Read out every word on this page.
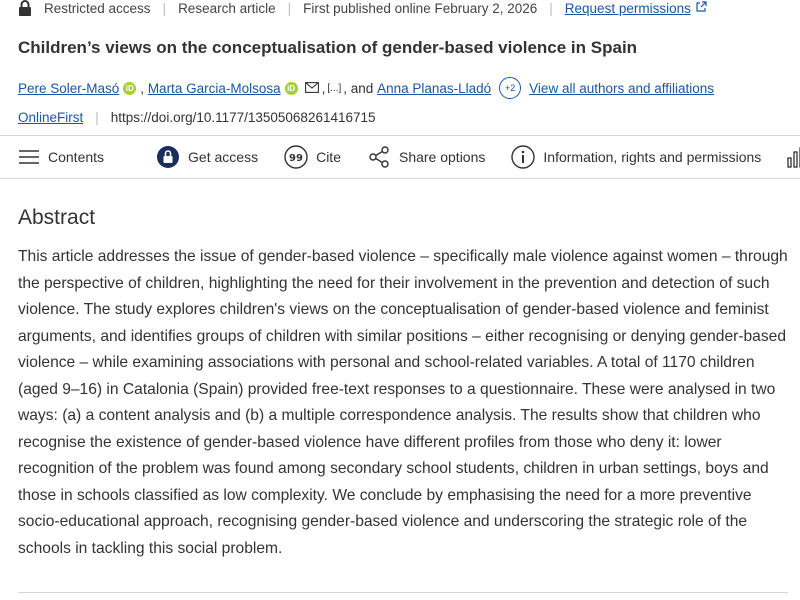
Restricted access | Research article | First published online February 2, 2026 | Request permissions
Children’s views on the conceptualisation of gender-based violence in Spain
Pere Soler-Masó iD , Marta Garcia-Molsosa iD , [...] , and
Anna Planas-Lladó	+2	View all authors and affiliations
OnlineFirst | https://doi.org/10.1177/13505068261416715
Contents	Get access	99 Cite	Share options	Information, rights and permissions
Abstract

This article addresses the issue of gender-based violence – specifically male violence against women – through the perspective of children, highlighting the need for their involvement in the prevention and detection of such violence. The study explores children's views on the conceptualisation of gender-based violence and feminist arguments, and identifies groups of children with similar positions – either recognising or denying gender-based violence – while examining associations with personal and school-related variables. A total of 1170 children (aged 9–16) in Catalonia (Spain) provided free-text responses to a questionnaire. These were analysed in two ways: (a) a content analysis and (b) a multiple correspondence analysis. The results show that children who recognise the existence of gender-based violence have different profiles from those who deny it: lower recognition of the problem was found among secondary school students, children in urban settings, boys and those in schools classified as low complexity. We conclude by emphasising the need for a more preventive socio-educational approach, recognising gender-based violence and underscoring the strategic role of the schools in tackling this social problem.
